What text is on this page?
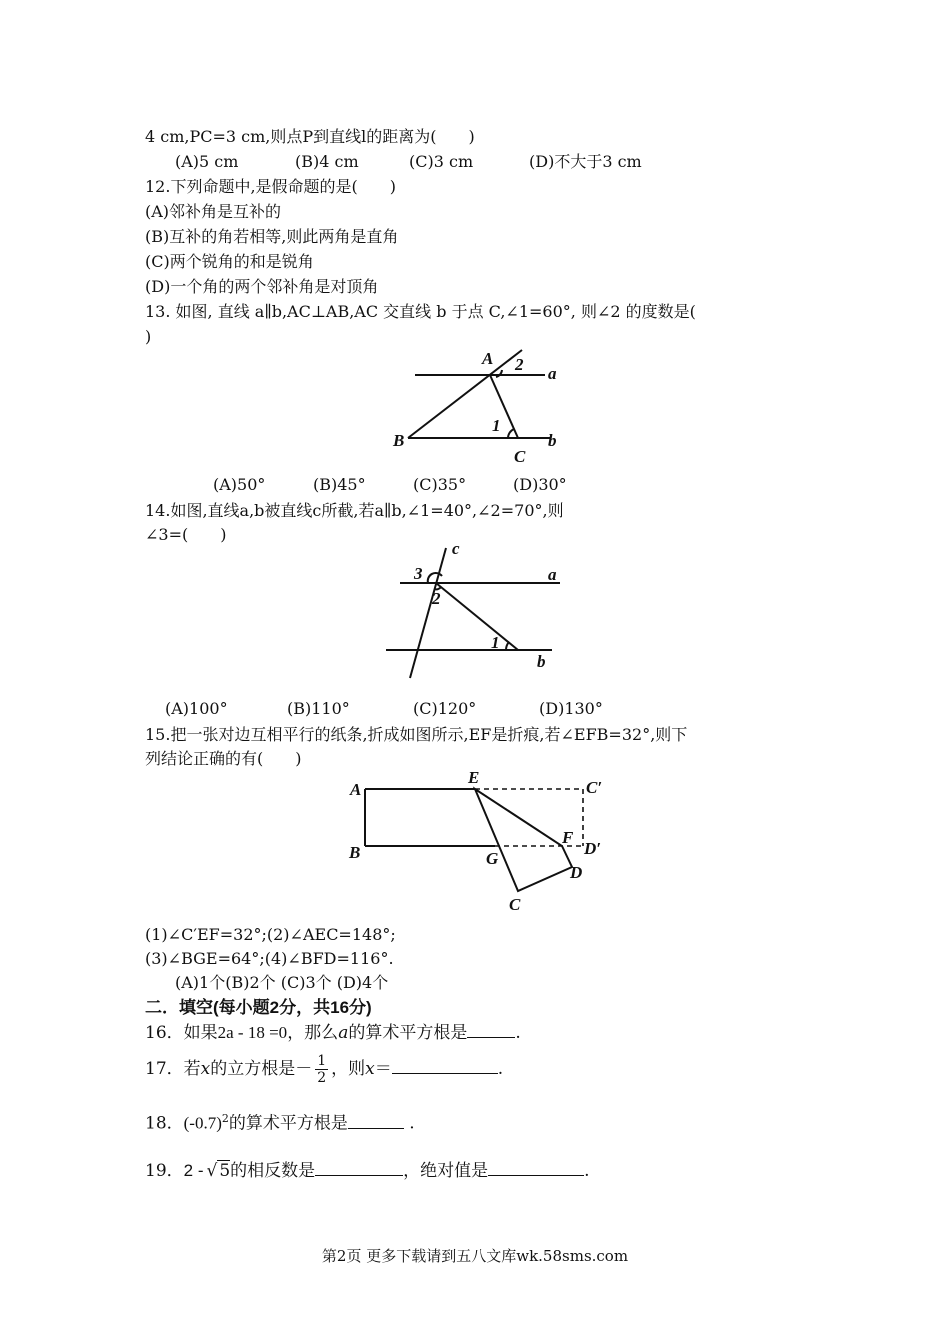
4 cm,PC=3 cm,则点P到直线l的距离为(　　)
(A)5 cm	(B)4 cm	(C)3 cm	(D)不大于3 cm
12.下列命题中,是假命题的是(　　)
(A)邻补角是互补的
(B)互补的角若相等,则此两角是直角
(C)两个锐角的和是锐角
(D)一个角的两个邻补角是对顶角
13. 如图, 直线 a∥b,AC⊥AB,AC 交直线 b 于点 C,∠1=60°, 则∠2 的度数是(
)
A 2 a
1
B	b
C
(A)50°	(B)45°	(C)35°	(D)30°
14.如图,直线a,b被直线c所截,若a∥b,∠1=40°,∠2=70°,则
∠3=(　　)
c
3	a
2
1
b
(A)100°	(B)110°	(C)120°	(D)130°
15.把一张对边互相平行的纸条,折成如图所示,EF是折痕,若∠EFB=32°,则下
列结论正确的有(　　)
A
E
C′
F
D′
B	G
D
C
(1)∠C′EF=32°;(2)∠AEC=148°;
(3)∠BGE=64°;(4)∠BFD=116°.
(A)1个(B)2个 (C)3个 (D)4个
二．填空(每小题2分，共16分)
16．如果2a - 18 =0，那么a的算术平方根是	.
17．若x的立方根是－ $\frac{1}{2}$ ，则x＝	.
18．$(-0.7)^2$的算术平方根是	.
19．2 - √ 5的相反数是	，绝对值是	.
第2页 更多下载请到五八文库wk.58sms.com
